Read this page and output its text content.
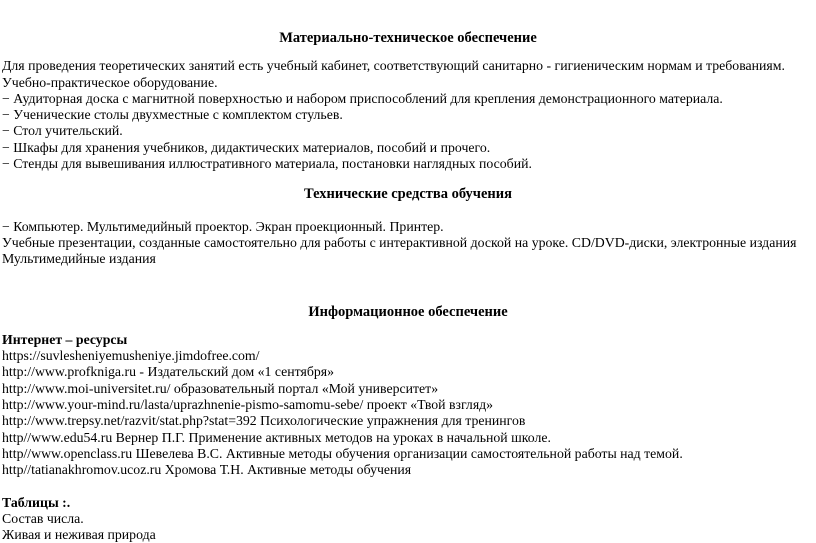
Материально-техническое обеспечение

Для проведения теоретических занятий есть учебный кабинет, соответствующий санитарно - гигиеническим нормам и требованиям.

Учебно-практическое оборудование.

− Аудиторная доска с магнитной поверхностью и набором приспособлений для крепления демонстрационного материала.

− Ученические столы двухместные с комплектом стульев.

− Стол учительский.

− Шкафы для хранения учебников, дидактических материалов, пособий и прочего.

− Стенды для вывешивания иллюстративного материала, постановки наглядных пособий.

Технические средства обучения

− Компьютер. Мультимедийный проектор. Экран проекционный. Принтер.

Учебные презентации, созданные самостоятельно для работы с интерактивной доской на уроке. CD/DVD-диски, электронные издания

Мультимедийные издания

Информационное обеспечение

Интернет – ресурсы

https://suvlesheniyemusheniye.jimdofree.com/

http://www.profkniga.ru - Издательский дом «1 сентября»

http://www.moi-universitet.ru/ образовательный портал «Мой университет»

http://www.your-mind.ru/lasta/uprazhnenie-pismo-samomu-sebe/ проект «Твой взгляд»

http://www.trepsy.net/razvit/stat.php?stat=392 Психологические упражнения для тренингов

http//www.edu54.ru Вернер П.Г. Применение активных методов на уроках в начальной школе.

http//www.openclass.ru Шевелева В.С. Активные методы обучения организации самостоятельной работы над темой.

http//tatianakhromov.ucoz.ru Хромова Т.Н. Активные методы обучения

Таблицы :.

Состав числа.

Живая и неживая природа
